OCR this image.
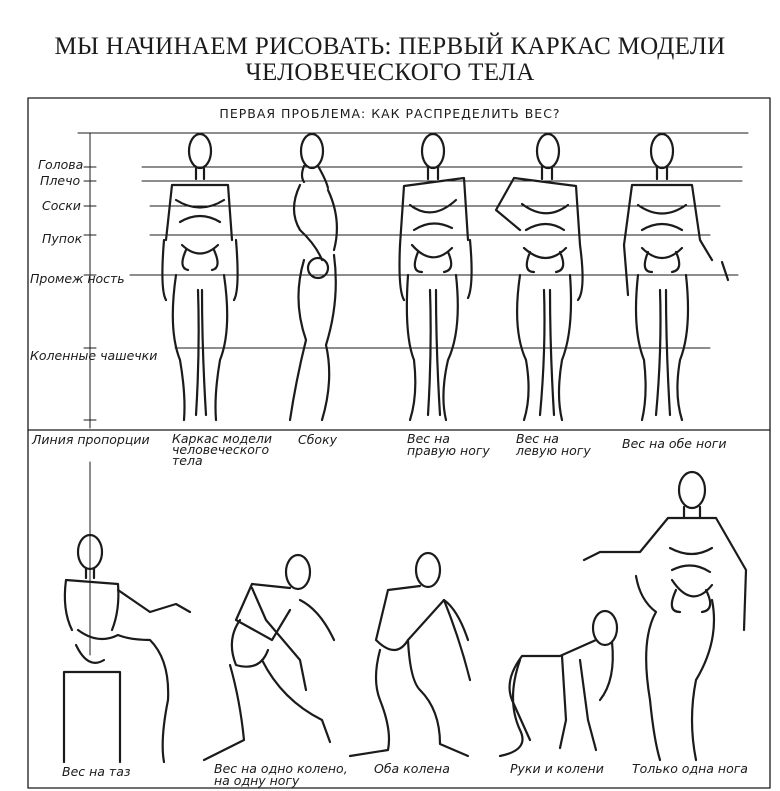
МЫ НАЧИНАЕМ РИСОВАТЬ: ПЕРВЫЙ КАРКАС МОДЕЛИ
ЧЕЛОВЕЧЕСКОГО ТЕЛА
ПЕРВАЯ ПРОБЛЕМА: КАК РАСПРЕДЕЛИТЬ ВЕС?
Голова
Плечо
Соски
Пупок
Промеж ность
Коленные чашечки
Линия пропорции Каркас модели
человеческого
тела
Сбоку	Вес на
правую ногу
Вес на
левую ногу	Вес на обе ноги
Вес на таз	Вес на одно колено,
на одну ногу
Оба колена	Руки и колени Только одна нога
